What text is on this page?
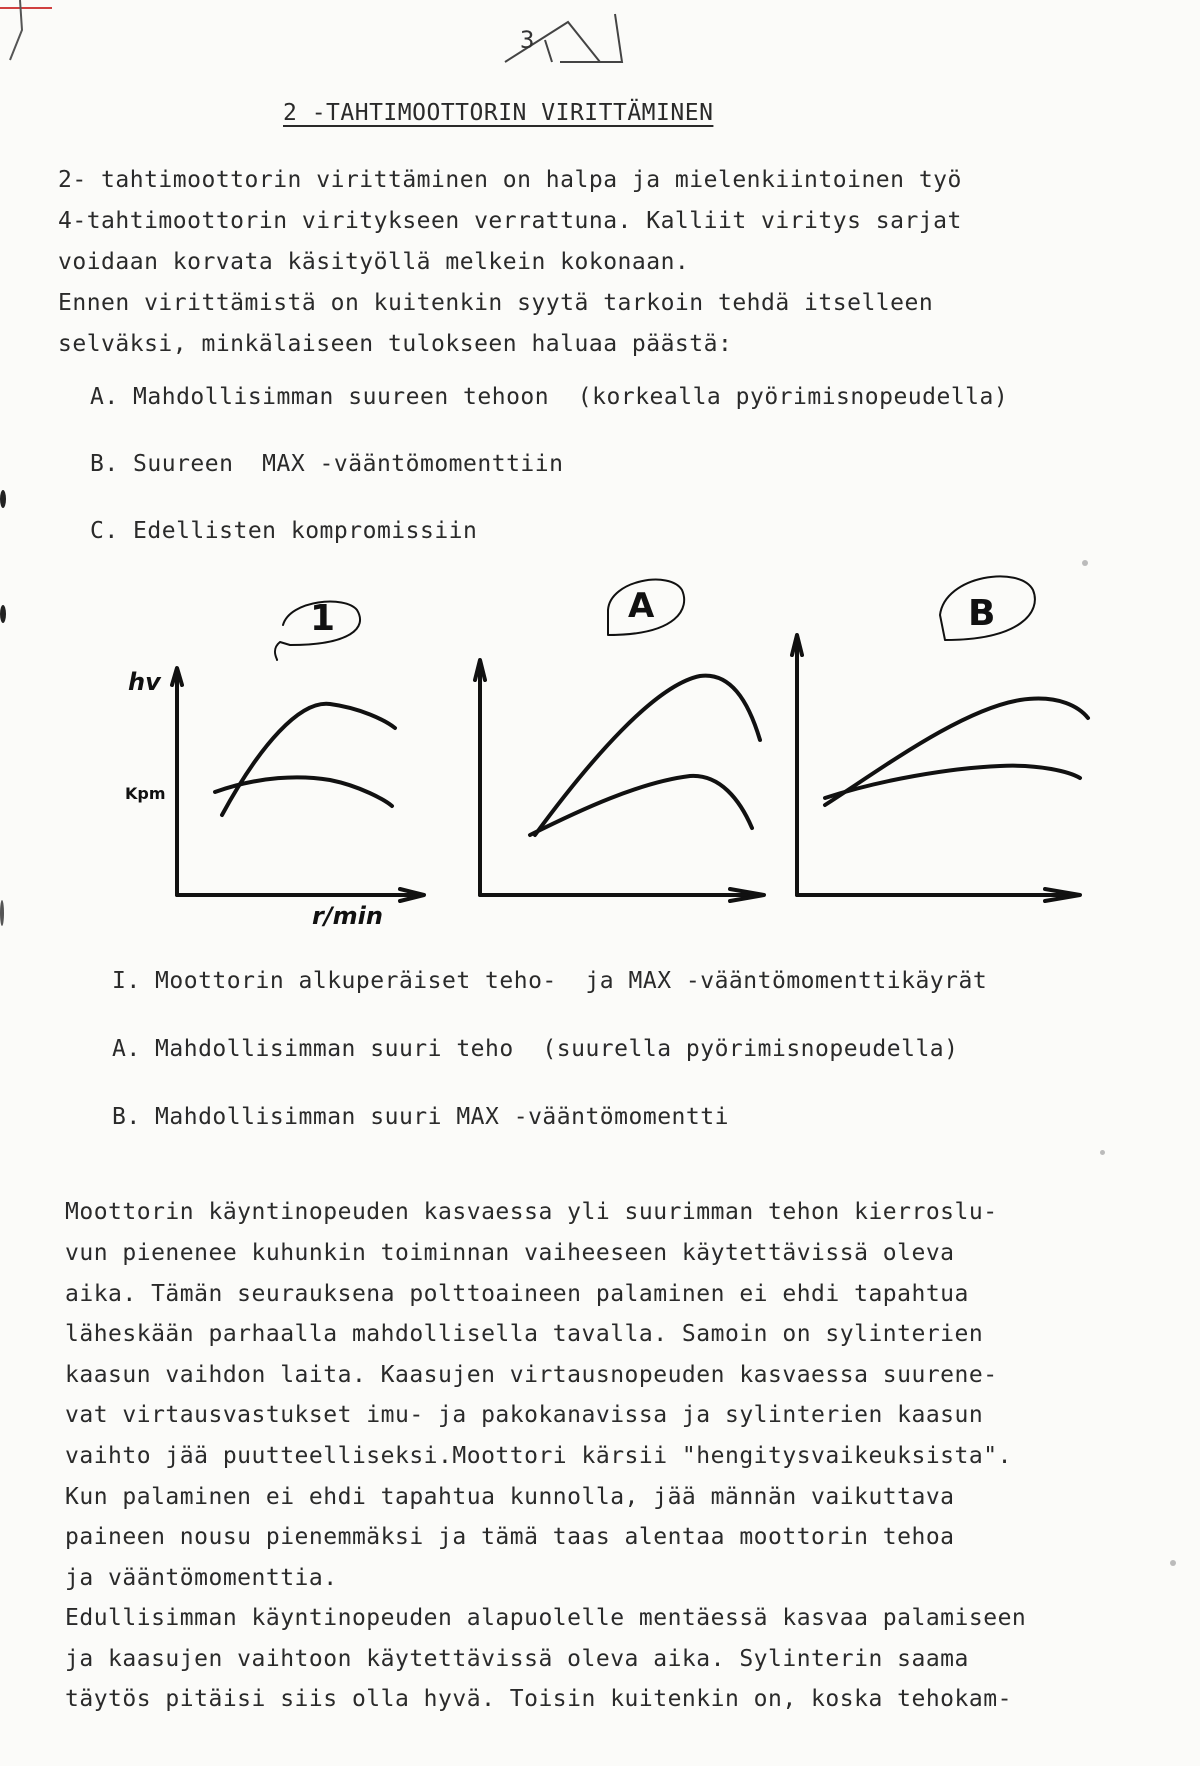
3
2 -TAHTIMOOTTORIN VIRITTÄMINEN
2- tahtimoottorin virittäminen on halpa ja mielenkiintoinen työ
4-tahtimoottorin viritykseen verrattuna. Kalliit viritys sarjat
voidaan korvata käsityöllä melkein kokonaan.
Ennen virittämistä on kuitenkin syytä tarkoin tehdä itselleen
selväksi, minkälaiseen tulokseen haluaa päästä:
A. Mahdollisimman suureen tehoon  (korkealla pyörimisnopeudella)
B. Suureen  MAX -vääntömomenttiin
C. Edellisten kompromissiin
1	A	B
hv
Kpm
r/min
I. Moottorin alkuperäiset teho-  ja MAX -vääntömomenttikäyrät
A. Mahdollisimman suuri teho  (suurella pyörimisnopeudella)
B. Mahdollisimman suuri MAX -vääntömomentti
Moottorin käyntinopeuden kasvaessa yli suurimman tehon kierroslu-
vun pienenee kuhunkin toiminnan vaiheeseen käytettävissä oleva
aika. Tämän seurauksena polttoaineen palaminen ei ehdi tapahtua
läheskään parhaalla mahdollisella tavalla. Samoin on sylinterien
kaasun vaihdon laita. Kaasujen virtausnopeuden kasvaessa suurene-
vat virtausvastukset imu- ja pakokanavissa ja sylinterien kaasun
vaihto jää puutteelliseksi.Moottori kärsii "hengitysvaikeuksista".
Kun palaminen ei ehdi tapahtua kunnolla, jää männän vaikuttava
paineen nousu pienemmäksi ja tämä taas alentaa moottorin tehoa
ja vääntömomenttia.
Edullisimman käyntinopeuden alapuolelle mentäessä kasvaa palamiseen
ja kaasujen vaihtoon käytettävissä oleva aika. Sylinterin saama
täytös pitäisi siis olla hyvä. Toisin kuitenkin on, koska tehokam-
